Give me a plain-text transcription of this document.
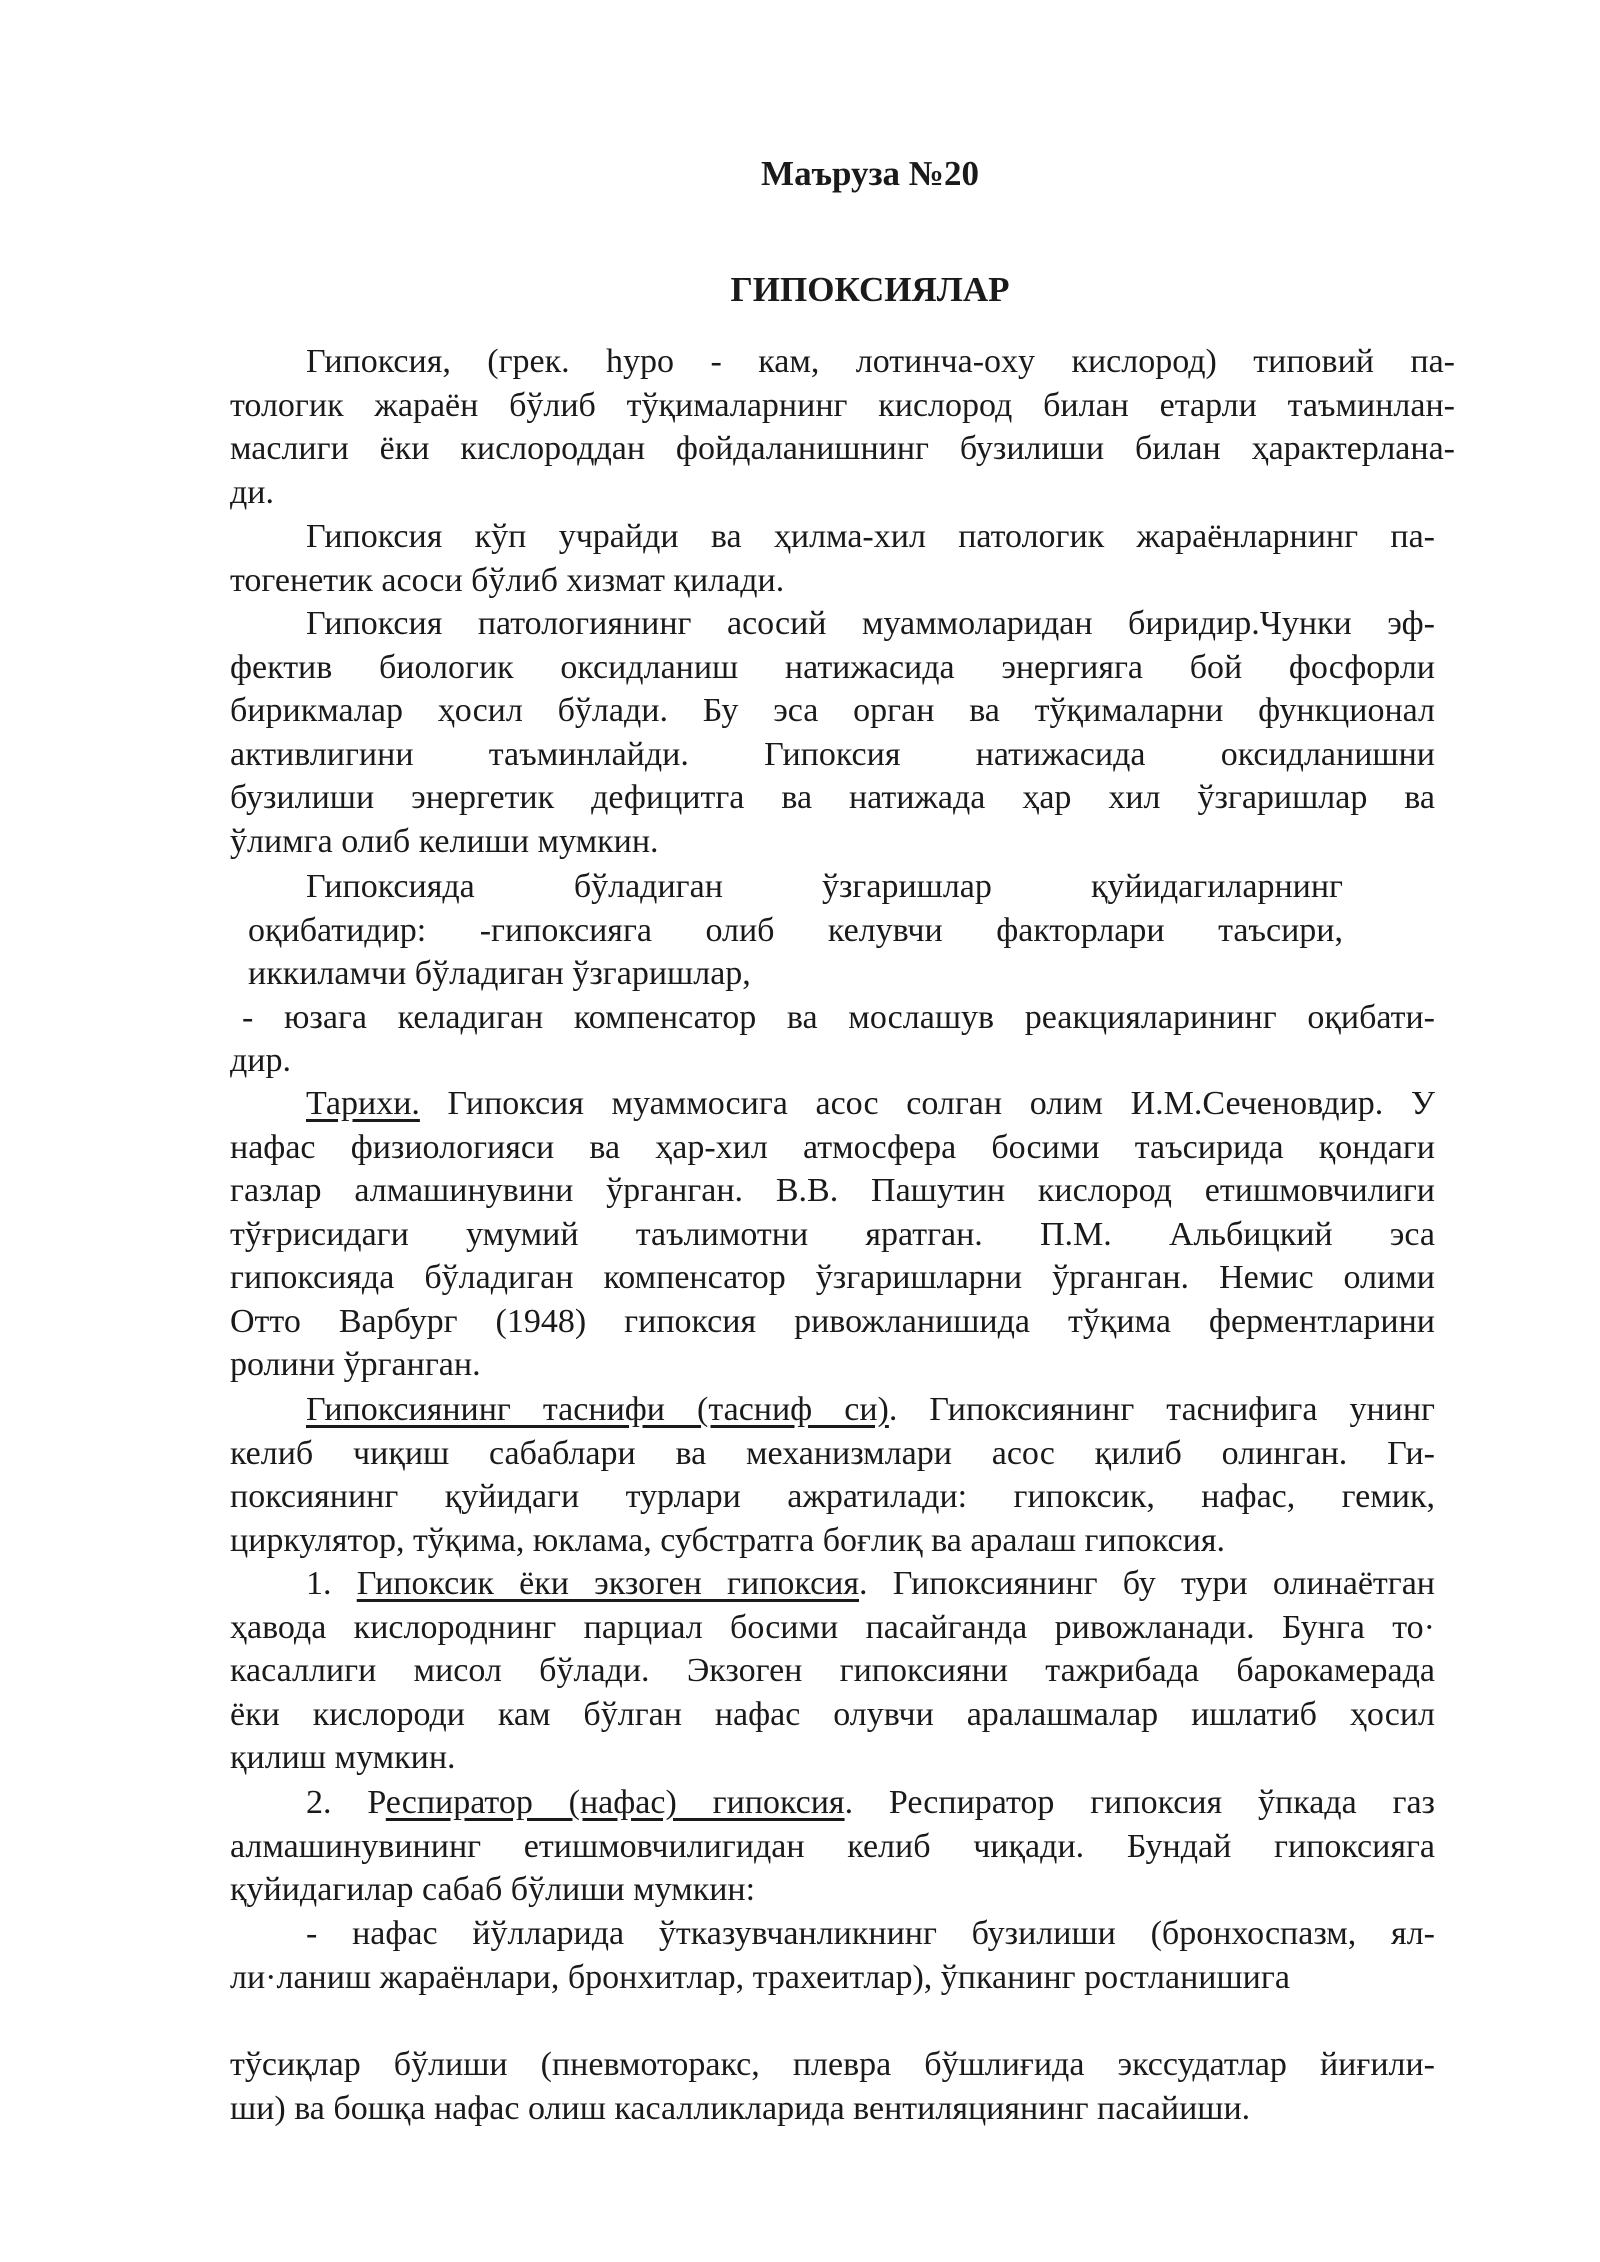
Маъруза №20
ГИПОКСИЯЛАР
Гипоксия, (грек. hypo - кам, лотинча-oxy кислород) типовий па-
тологик жараён бўлиб тўқималарнинг кислород билан етарли таъминлан-
маслиги ёки кислороддан фойдаланишнинг бузилиши билан ҳарактерлана-
ди.
Гипоксия кўп учрайди ва ҳилма-хил патологик жараёнларнинг па-
тогенетик асоси бўлиб хизмат қилади.
Гипоксия патологиянинг асосий муаммоларидан биридир.Чунки эф-
фектив биологик оксидланиш натижасида энергияга бой фосфорли
бирикмалар ҳосил бўлади. Бу эса орган ва тўқималарни функционал
активлигини таъминлайди. Гипоксия натижасида оксидланишни
бузилиши энергетик дефицитга ва натижада ҳар хил ўзгаришлар ва
ўлимга олиб келиши мумкин.
Гипоксияда бўладиган ўзгаришлар қуйидагиларнинг
оқибатидир: -гипоксияга олиб келувчи факторлари таъсири,
иккиламчи бўладиган ўзгаришлар,
- юзага келадиган компенсатор ва мослашув реакцияларининг оқибати-
дир.
Тарихи. Гипоксия муаммосига асос солган олим И.М.Сеченовдир. У
нафас физиологияси ва ҳар-хил атмосфера босими таъсирида қондаги
газлар алмашинувини ўрганган. В.В. Пашутин кислород етишмовчилиги
тўғрисидаги умумий таълимотни яратган. П.М. Альбицкий эса
гипоксияда бўладиган компенсатор ўзгаришларни ўрганган. Немис олими
Отто Варбург (1948) гипоксия ривожланишида тўқима ферментларини
ролини ўрганган.
Гипоксиянинг таснифи (тасниф си). Гипоксиянинг таснифига унинг
келиб чиқиш сабаблари ва механизмлари асос қилиб олинган. Ги-
поксиянинг қуйидаги турлари ажратилади: гипоксик, нафас, гемик,
циркулятор, тўқима, юклама, субстратга боғлиқ ва аралаш гипоксия.
1. Гипоксик ёки экзоген гипоксия. Гипоксиянинг бу тури олинаётган
ҳавода кислороднинг парциал босими пасайганда ривожланади. Бунга то·
касаллиги мисол бўлади. Экзоген гипоксияни тажрибада барокамерада
ёки кислороди кам бўлган нафас олувчи аралашмалар ишлатиб ҳосил
қилиш мумкин.
2. Респиратор (нафас) гипоксия. Респиратор гипоксия ўпкада газ
алмашинувининг етишмовчилигидан келиб чиқади. Бундай гипоксияга
қуйидагилар сабаб бўлиши мумкин:
- нафас йўлларида ўтказувчанликнинг бузилиши (бронхоспазм, ял-
ли·ланиш жараёнлари, бронхитлар, трахеитлар), ўпканинг ростланишига
тўсиқлар бўлиши (пневмоторакс, плевра бўшлиғида экссудатлар йиғили-
ши) ва бошқа нафас олиш касалликларида вентиляциянинг пасайиши.
